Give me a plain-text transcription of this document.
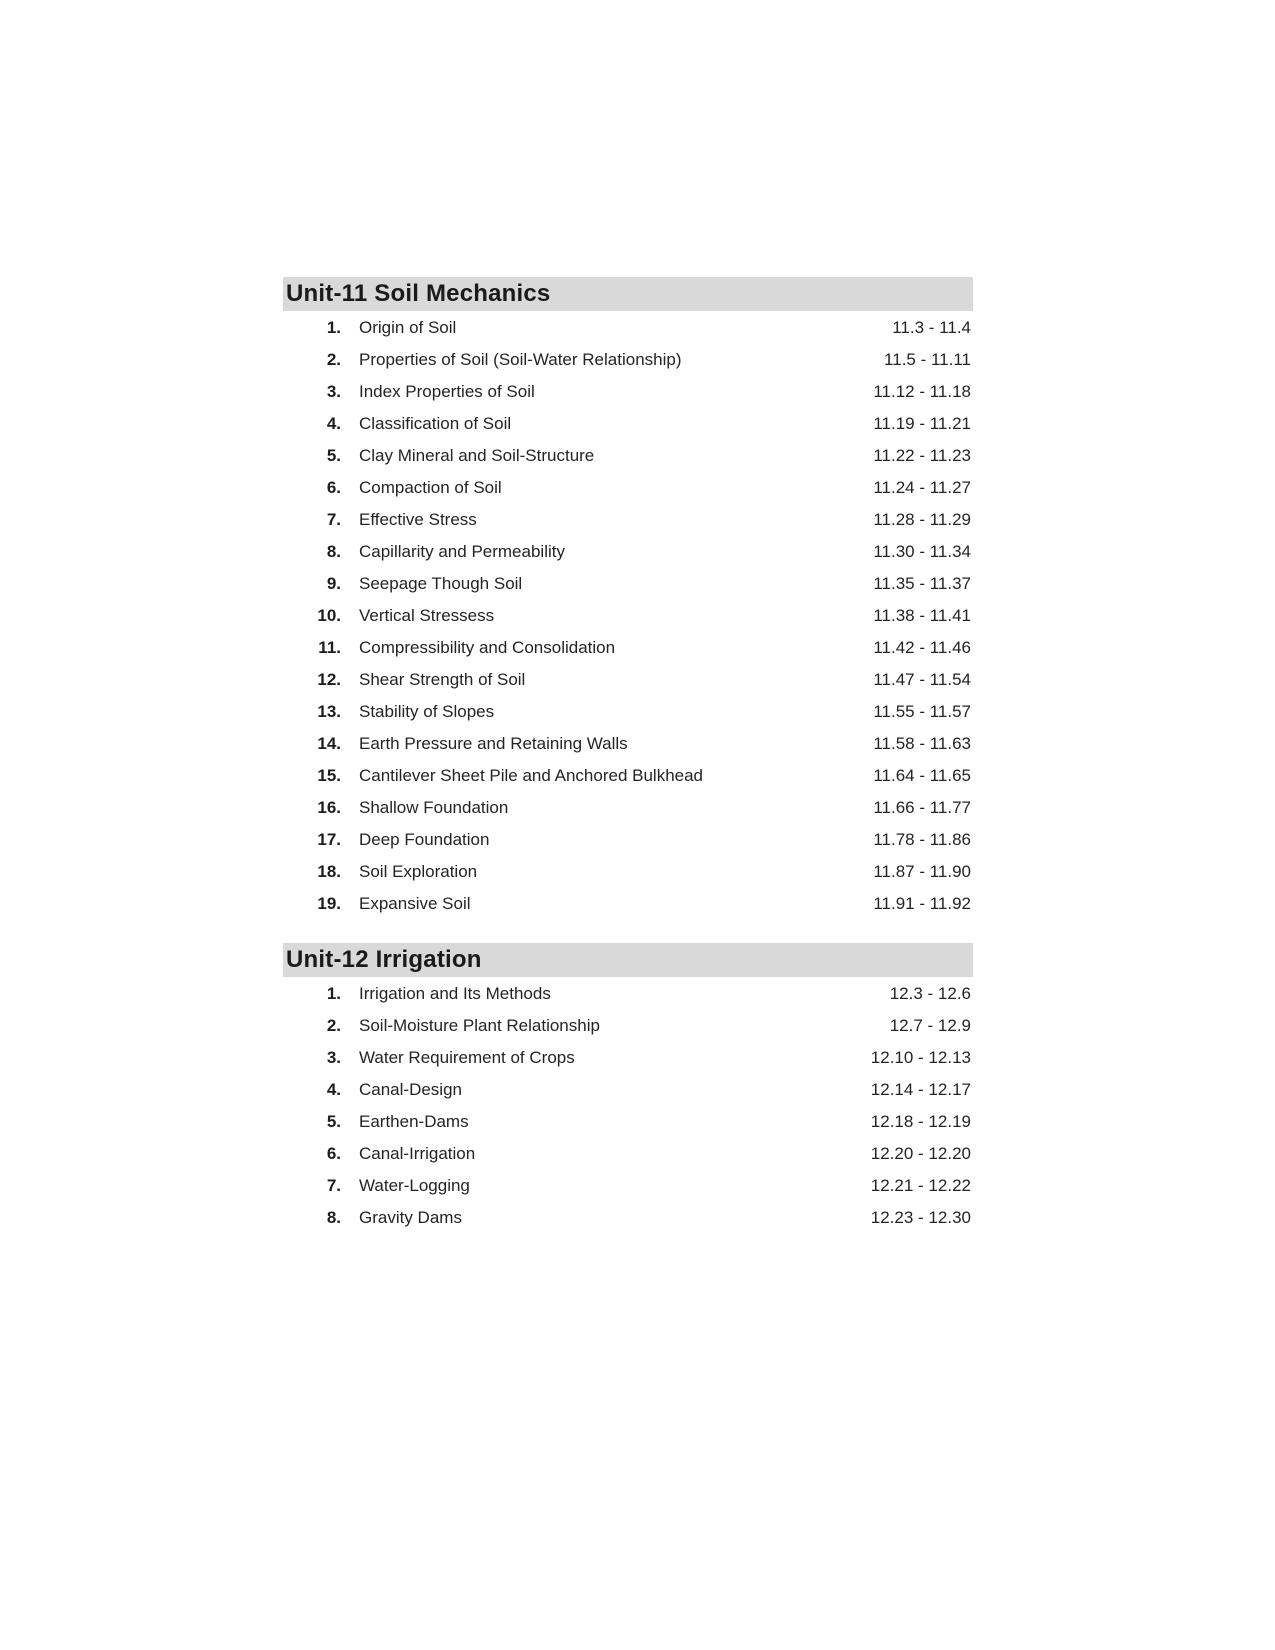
Unit-11 Soil Mechanics
1. Origin of Soil	11.3 - 11.4
2. Properties of Soil (Soil-Water Relationship)	11.5 - 11.11
3. Index Properties of Soil	11.12 - 11.18
4. Classification of Soil	11.19 - 11.21
5. Clay Mineral and Soil-Structure	11.22 - 11.23
6. Compaction of Soil	11.24 - 11.27
7. Effective Stress	11.28 - 11.29
8. Capillarity and Permeability	11.30 - 11.34
9. Seepage Though Soil	11.35 - 11.37
10. Vertical Stressess	11.38 - 11.41
11. Compressibility and Consolidation	11.42 - 11.46
12. Shear Strength of Soil	11.47 - 11.54
13. Stability of Slopes	11.55 - 11.57
14. Earth Pressure and Retaining Walls	11.58 - 11.63
15. Cantilever Sheet Pile and Anchored Bulkhead	11.64 - 11.65
16. Shallow Foundation	11.66 - 11.77
17. Deep Foundation	11.78 - 11.86
18. Soil Exploration	11.87 - 11.90
19. Expansive Soil	11.91 - 11.92
Unit-12 Irrigation
1. Irrigation and Its Methods	12.3 - 12.6
2. Soil-Moisture Plant Relationship	12.7 - 12.9
3. Water Requirement of Crops	12.10 - 12.13
4. Canal-Design	12.14 - 12.17
5. Earthen-Dams	12.18 - 12.19
6. Canal-Irrigation	12.20 - 12.20
7. Water-Logging	12.21 - 12.22
8. Gravity Dams	12.23 - 12.30
